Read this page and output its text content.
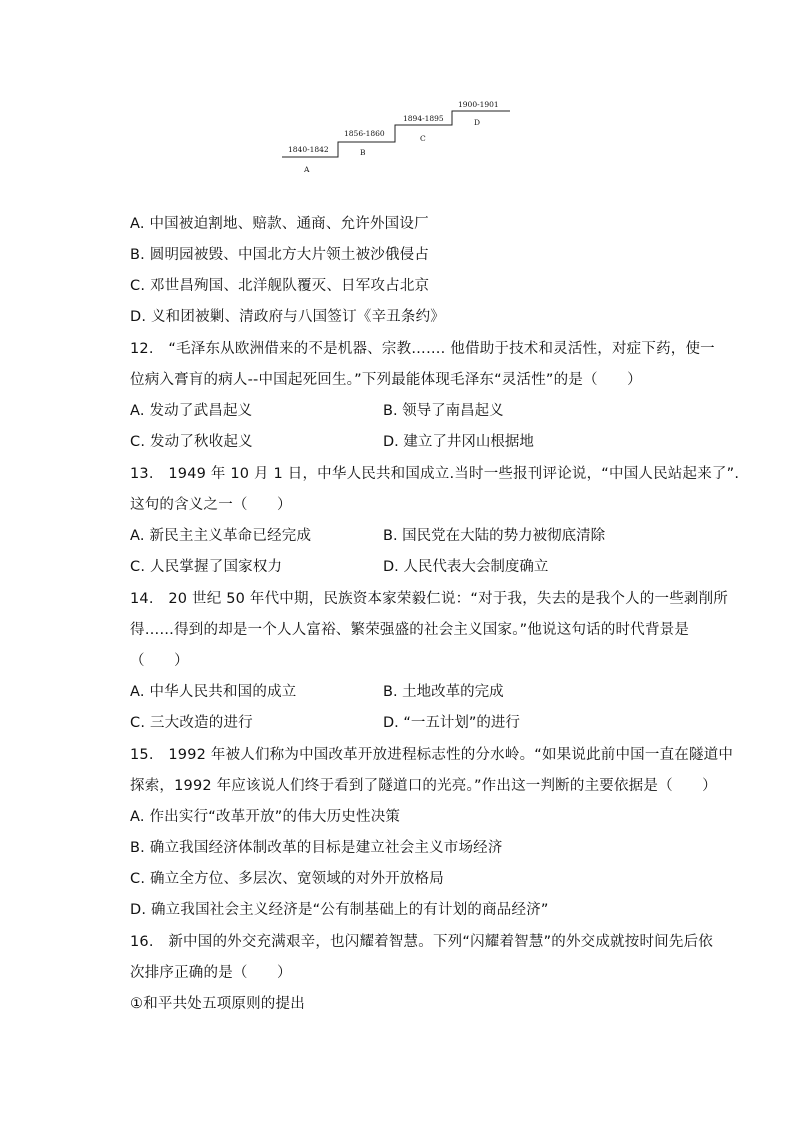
1840-1842
A
1856-1860
B
1894-1895
C
1900-1901
D
A. 中国被迫割地、赔款、通商、允许外国设厂
B. 圆明园被毁、中国北方大片领土被沙俄侵占
C. 邓世昌殉国、北洋舰队覆灭、日军攻占北京
D. 义和团被剿、清政府与八国签订《辛丑条约》
12.　“毛泽东从欧洲借来的不是机器、宗教……. 他借助于技术和灵活性，对症下药，使一
位病入膏肓的病人--中国起死回生。”下列最能体现毛泽东“灵活性”的是（　　）
A. 发动了武昌起义	B. 领导了南昌起义
C. 发动了秋收起义	D. 建立了井冈山根据地
13.　1949 年 10 月 1 日，中华人民共和国成立.当时一些报刊评论说，“中国人民站起来了”.
这句的含义之一（　　）
A. 新民主主义革命已经完成	B. 国民党在大陆的势力被彻底清除
C. 人民掌握了国家权力	D. 人民代表大会制度确立
14.　20 世纪 50 年代中期，民族资本家荣毅仁说：“对于我，失去的是我个人的一些剥削所
得……得到的却是一个人人富裕、繁荣强盛的社会主义国家。”他说这句话的时代背景是
（　　）
A. 中华人民共和国的成立	B. 土地改革的完成
C. 三大改造的进行	D. “一五计划”的进行
15.　1992 年被人们称为中国改革开放进程标志性的分水岭。“如果说此前中国一直在隧道中
探索，1992 年应该说人们终于看到了隧道口的光亮。”作出这一判断的主要依据是（　　）
A. 作出实行“改革开放”的伟大历史性决策
B. 确立我国经济体制改革的目标是建立社会主义市场经济
C. 确立全方位、多层次、宽领域的对外开放格局
D. 确立我国社会主义经济是“公有制基础上的有计划的商品经济”
16.　新中国的外交充满艰辛，也闪耀着智慧。下列“闪耀着智慧”的外交成就按时间先后依
次排序正确的是（　　）
①和平共处五项原则的提出
